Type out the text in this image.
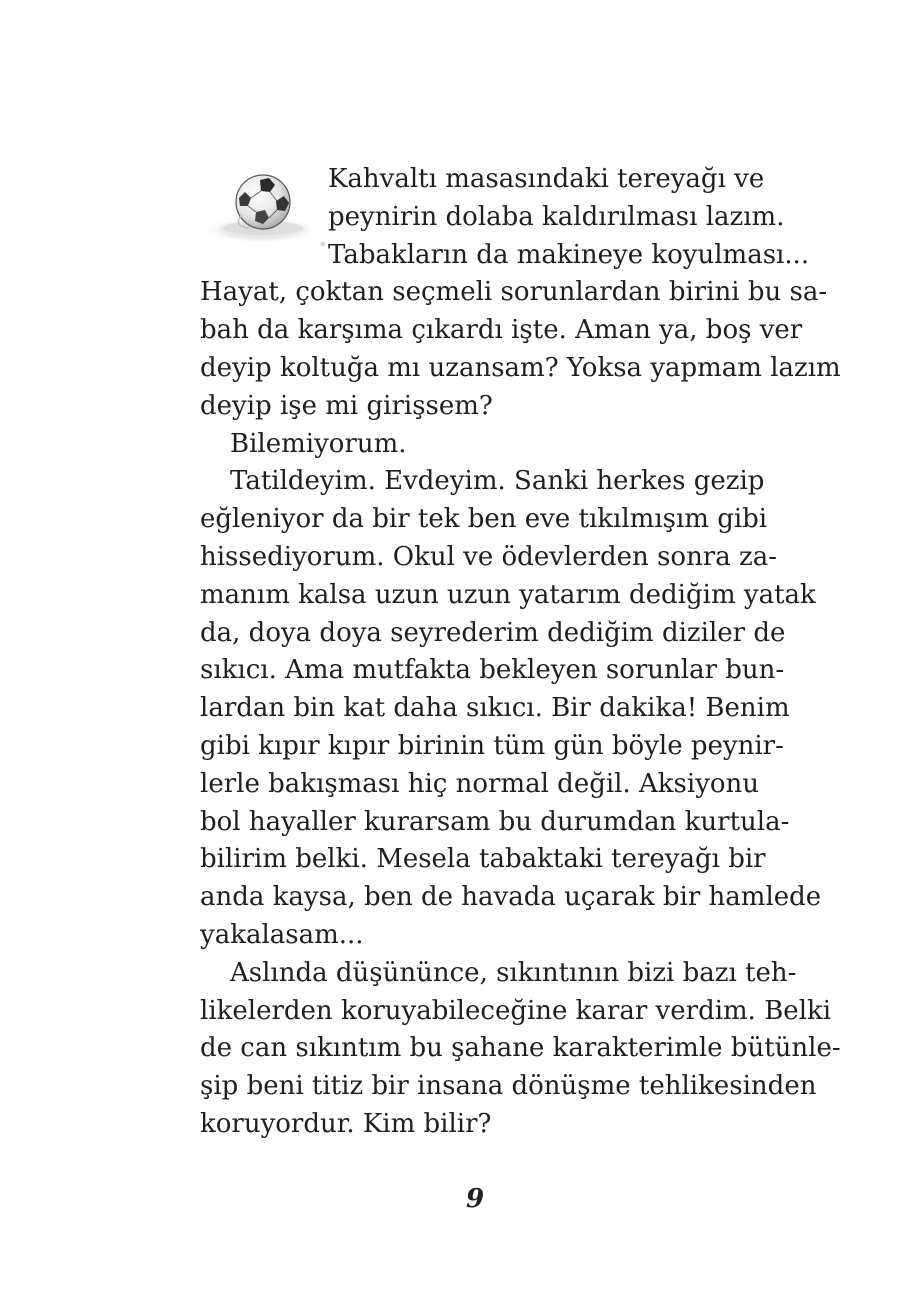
Kahvaltı masasındaki tereyağı ve
peynirin dolaba kaldırılması lazım.
Tabakların da makineye koyulması...
Hayat, çoktan seçmeli sorunlardan birini bu sa-
bah da karşıma çıkardı işte. Aman ya, boş ver
deyip koltuğa mı uzansam? Yoksa yapmam lazım
deyip işe mi girişsem?
Bilemiyorum.
Tatildeyim. Evdeyim. Sanki herkes gezip
eğleniyor da bir tek ben eve tıkılmışım gibi
hissediyorum. Okul ve ödevlerden sonra za-
manım kalsa uzun uzun yatarım dediğim yatak
da, doya doya seyrederim dediğim diziler de
sıkıcı. Ama mutfakta bekleyen sorunlar bun-
lardan bin kat daha sıkıcı. Bir dakika! Benim
gibi kıpır kıpır birinin tüm gün böyle peynir-
lerle bakışması hiç normal değil. Aksiyonu
bol hayaller kurarsam bu durumdan kurtula-
bilirim belki. Mesela tabaktaki tereyağı bir
anda kaysa, ben de havada uçarak bir hamlede
yakalasam...
Aslında düşününce, sıkıntının bizi bazı teh-
likelerden koruyabileceğine karar verdim. Belki
de can sıkıntım bu şahane karakterimle bütünle-
şip beni titiz bir insana dönüşme tehlikesinden
koruyordur. Kim bilir?
9
